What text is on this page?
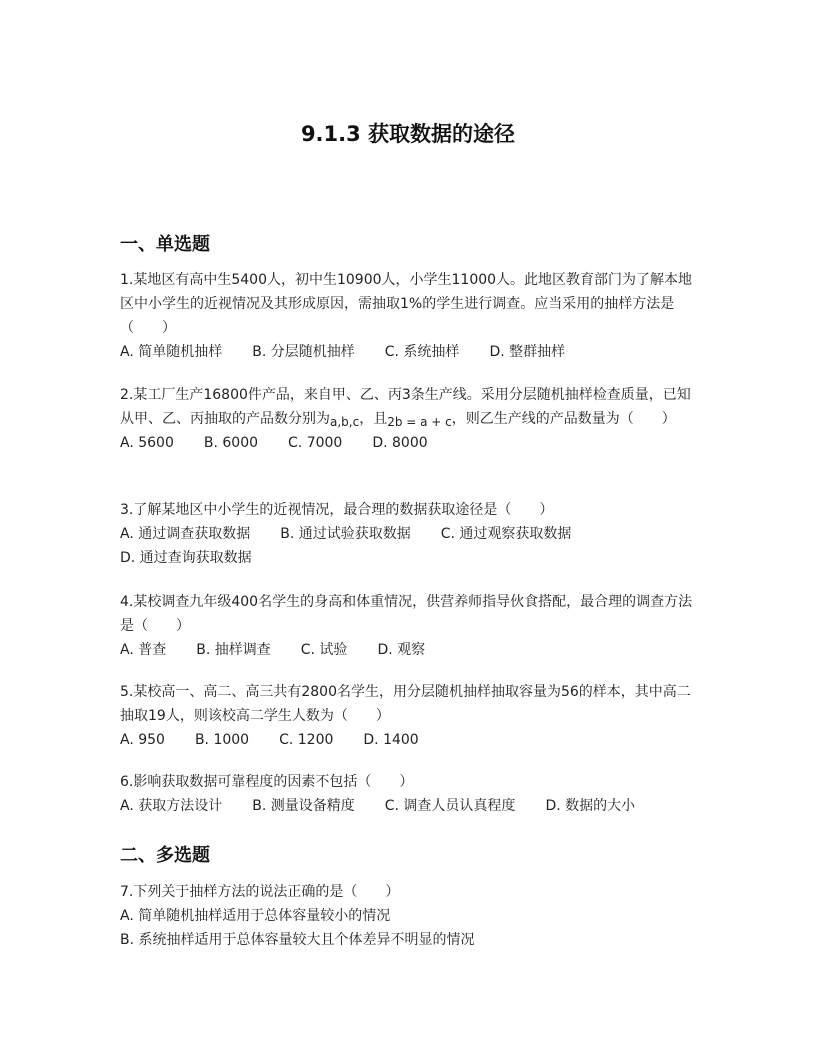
9.1.3 获取数据的途径
一、单选题
1.某地区有高中生5400人，初中生10900人，小学生11000人。此地区教育部门为了解本地区中小学生的近视情况及其形成原因，需抽取1%的学生进行调查。应当采用的抽样方法是（　　）
A. 简单随机抽样 B. 分层随机抽样 C. 系统抽样 D. 整群抽样
2.某工厂生产16800件产品，来自甲、乙、丙3条生产线。采用分层随机抽样检查质量，已知从甲、乙、丙抽取的产品数分别为a,b,c，且2b = a + c，则乙生产线的产品数量为（　　）
A. 5600 B. 6000 C. 7000 D. 8000
3.了解某地区中小学生的近视情况，最合理的数据获取途径是（　　）
A. 通过调查获取数据 B. 通过试验获取数据 C. 通过观察获取数据D. 通过查询获取数据
4.某校调查九年级400名学生的身高和体重情况，供营养师指导伙食搭配，最合理的调查方法是（　　）
A. 普查 B. 抽样调查 C. 试验 D. 观察
5.某校高一、高二、高三共有2800名学生，用分层随机抽样抽取容量为56的样本，其中高二抽取19人，则该校高二学生人数为（　　）
A. 950 B. 1000 C. 1200 D. 1400
6.影响获取数据可靠程度的因素不包括（　　）
A. 获取方法设计 B. 测量设备精度 C. 调查人员认真程度 D. 数据的大小
二、多选题
7.下列关于抽样方法的说法正确的是（　　）
A. 简单随机抽样适用于总体容量较小的情况
B. 系统抽样适用于总体容量较大且个体差异不明显的情况
